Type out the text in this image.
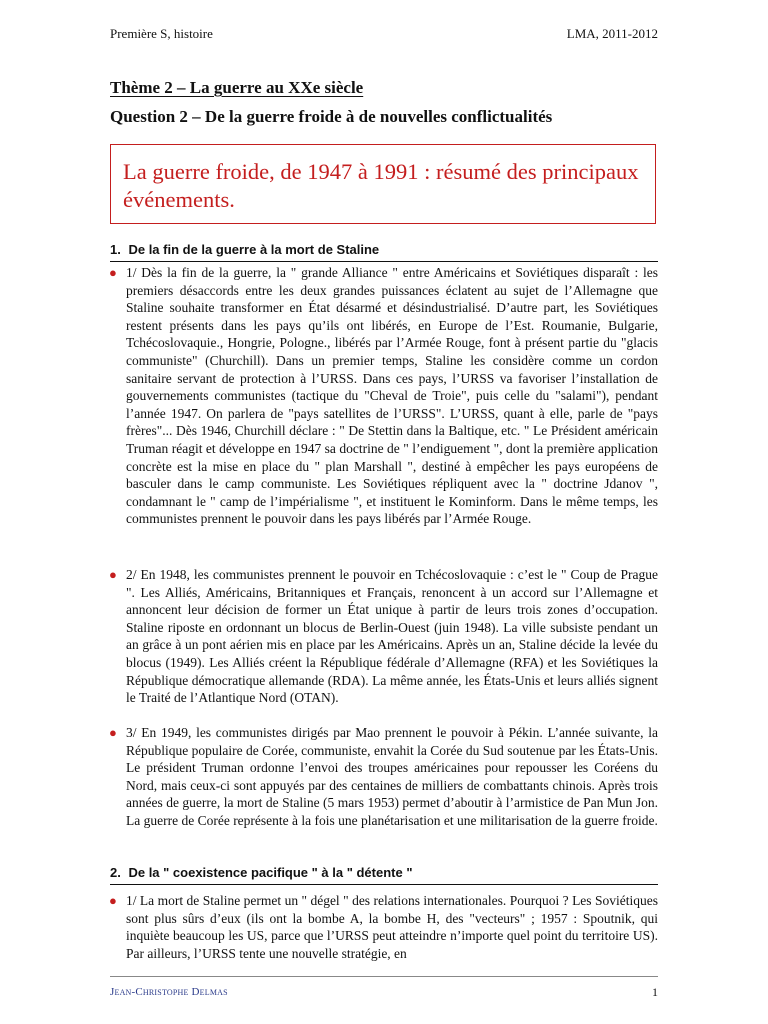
Première S, histoire	LMA, 2011-2012
Thème 2 – La guerre au XXe siècle
Question 2 – De la guerre froide à de nouvelles conflictualités
La guerre froide, de 1947 à 1991 : résumé des principaux événements.
1. De la fin de la guerre à la mort de Staline
● 1/ Dès la fin de la guerre, la " grande Alliance " entre Américains et Soviétiques disparaît : les premiers désaccords entre les deux grandes puissances éclatent au sujet de l’Allemagne que Staline souhaite transformer en État désarmé et désindustrialisé. D’autre part, les Soviétiques restent présents dans les pays qu’ils ont libérés, en Europe de l’Est. Roumanie, Bulgarie, Tchécoslovaquie., Hongrie, Pologne., libérés par l’Armée Rouge, font à présent partie du "glacis communiste" (Churchill). Dans un premier temps, Staline les considère comme un cordon sanitaire servant de protection à l’URSS. Dans ces pays, l’URSS va favoriser l’installation de gouvernements communistes (tactique du "Cheval de Troie", puis celle du "salami"), pendant l’année 1947. On parlera de "pays satellites de l’URSS". L’URSS, quant à elle, parle de "pays frères"... Dès 1946, Churchill déclare : " De Stettin dans la Baltique, etc. " Le Président américain Truman réagit et développe en 1947 sa doctrine de " l’endiguement ", dont la première application concrète est la mise en place du " plan Marshall ", destiné à empêcher les pays européens de basculer dans le camp communiste. Les Soviétiques répliquent avec la " doctrine Jdanov ", condamnant le " camp de l’impérialisme ", et instituent le Kominform. Dans le même temps, les communistes prennent le pouvoir dans les pays libérés par l’Armée Rouge.
● 2/ En 1948, les communistes prennent le pouvoir en Tchécoslovaquie : c’est le " Coup de Prague ". Les Alliés, Américains, Britanniques et Français, renoncent à un accord sur l’Allemagne et annoncent leur décision de former un État unique à partir de leurs trois zones d’occupation. Staline riposte en ordonnant un blocus de Berlin-Ouest (juin 1948). La ville subsiste pendant un an grâce à un pont aérien mis en place par les Américains. Après un an, Staline décide la levée du blocus (1949). Les Alliés créent la République fédérale d’Allemagne (RFA) et les Soviétiques la République démocratique allemande (RDA). La même année, les États-Unis et leurs alliés signent le Traité de l’Atlantique Nord (OTAN).
● 3/ En 1949, les communistes dirigés par Mao prennent le pouvoir à Pékin. L’année suivante, la République populaire de Corée, communiste, envahit la Corée du Sud soutenue par les États-Unis. Le président Truman ordonne l’envoi des troupes américaines pour repousser les Coréens du Nord, mais ceux-ci sont appuyés par des centaines de milliers de combattants chinois. Après trois années de guerre, la mort de Staline (5 mars 1953) permet d’aboutir à l’armistice de Pan Mun Jon. La guerre de Corée représente à la fois une planétarisation et une militarisation de la guerre froide.
2. De la " coexistence pacifique " à la " détente "
● 1/ La mort de Staline permet un " dégel " des relations internationales. Pourquoi ? Les Soviétiques sont plus sûrs d’eux (ils ont la bombe A, la bombe H, des "vecteurs" ; 1957 : Spoutnik, qui inquiète beaucoup les US, parce que l’URSS peut atteindre n’importe quel point du territoire US). Par ailleurs, l’URSS tente une nouvelle stratégie, en
Jean-Christophe Delmas	1
